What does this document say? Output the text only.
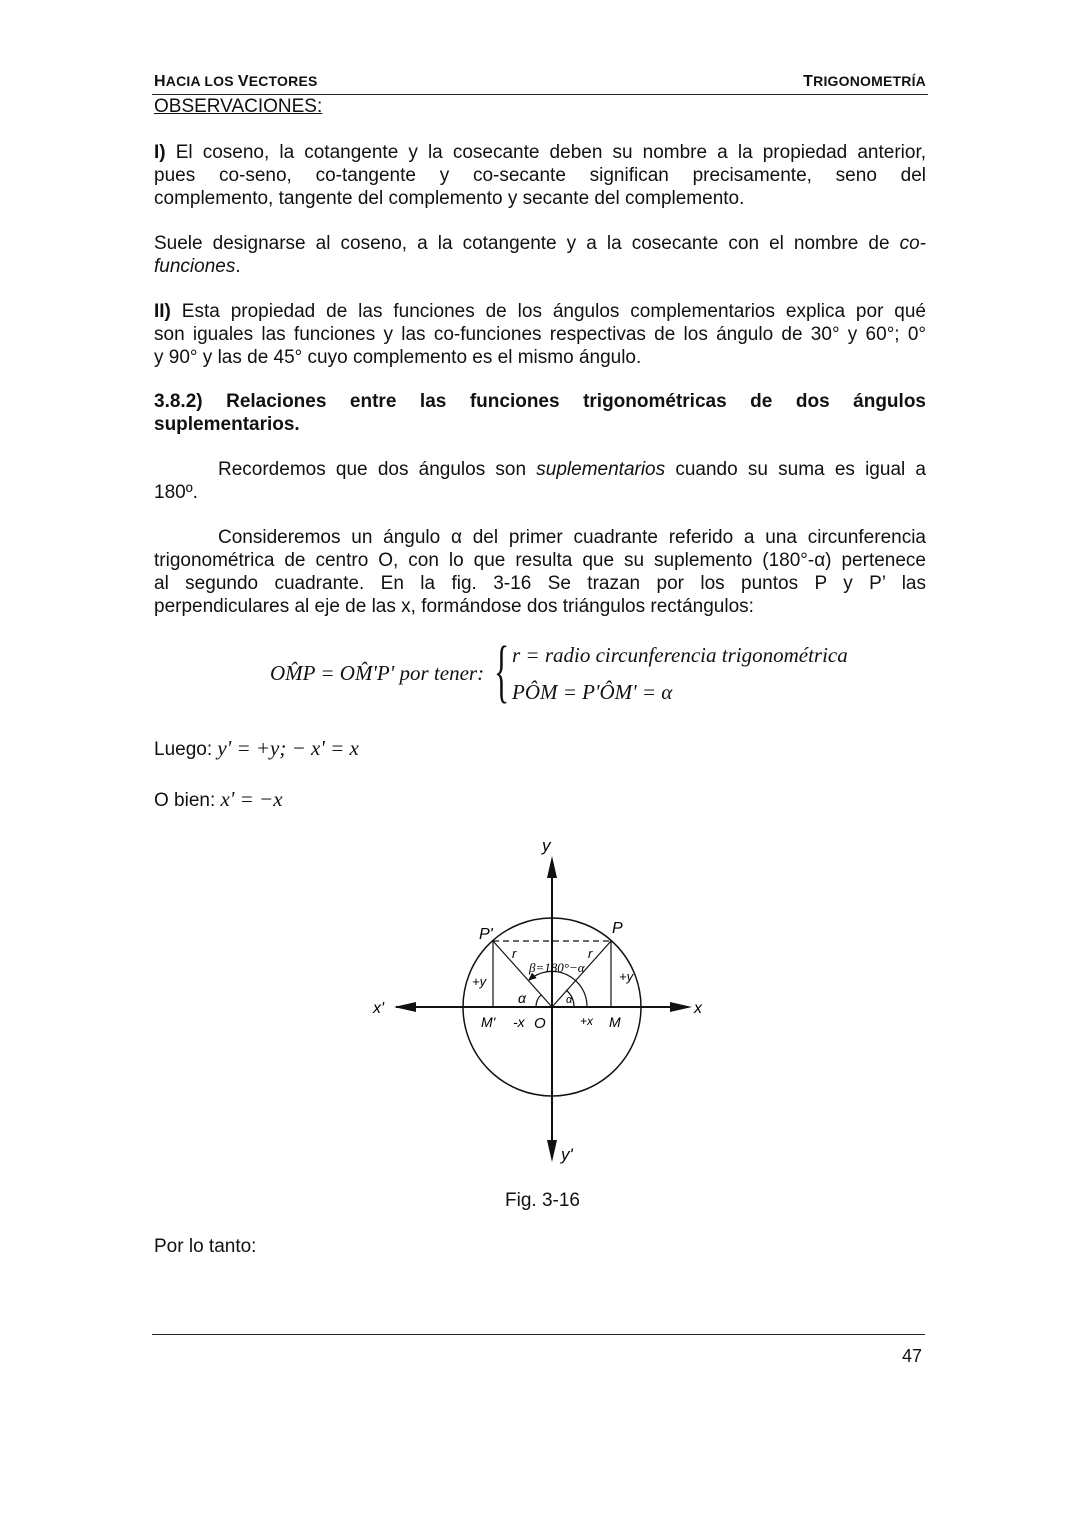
HACIA LOS VECTORES	TRIGONOMETRÍA
OBSERVACIONES:
I) El coseno, la cotangente y la cosecante deben su nombre a la propiedad anterior,
pues co-seno, co-tangente y co-secante significan precisamente, seno del
complemento, tangente del complemento y secante del complemento.
Suele designarse al coseno, a la cotangente y a la cosecante con el nombre de co-
funciones.
II) Esta propiedad de las funciones de los ángulos complementarios explica por qué
son iguales las funciones y las co-funciones respectivas de los ángulo de 30° y 60°; 0°
y 90° y las de 45° cuyo complemento es el mismo ángulo.
3.8.2) Relaciones entre las funciones trigonométricas de dos ángulos
suplementarios.
Recordemos que dos ángulos son suplementarios cuando su suma es igual a
180º.
Consideremos un ángulo α del primer cuadrante referido a una circunferencia
trigonométrica de centro O, con lo que resulta que su suplemento (180°-α) pertenece
al segundo cuadrante. En la fig. 3-16 Se trazan por los puntos P y P’ las
perpendiculares al eje de las x, formándose dos triángulos rectángulos:
OM̂P = OM̂'P' por tener: { r = radio circunferencia trigonométrica
PÔM = P'ÔM' = α
Luego: y' = +y; − x' = x
O bien: x' = −x
y
y'
x
x'
P
P'
r	r
β=180°−α
α	α
+y	+y
M' -x O	+x M
Fig. 3-16
Por lo tanto:
47
